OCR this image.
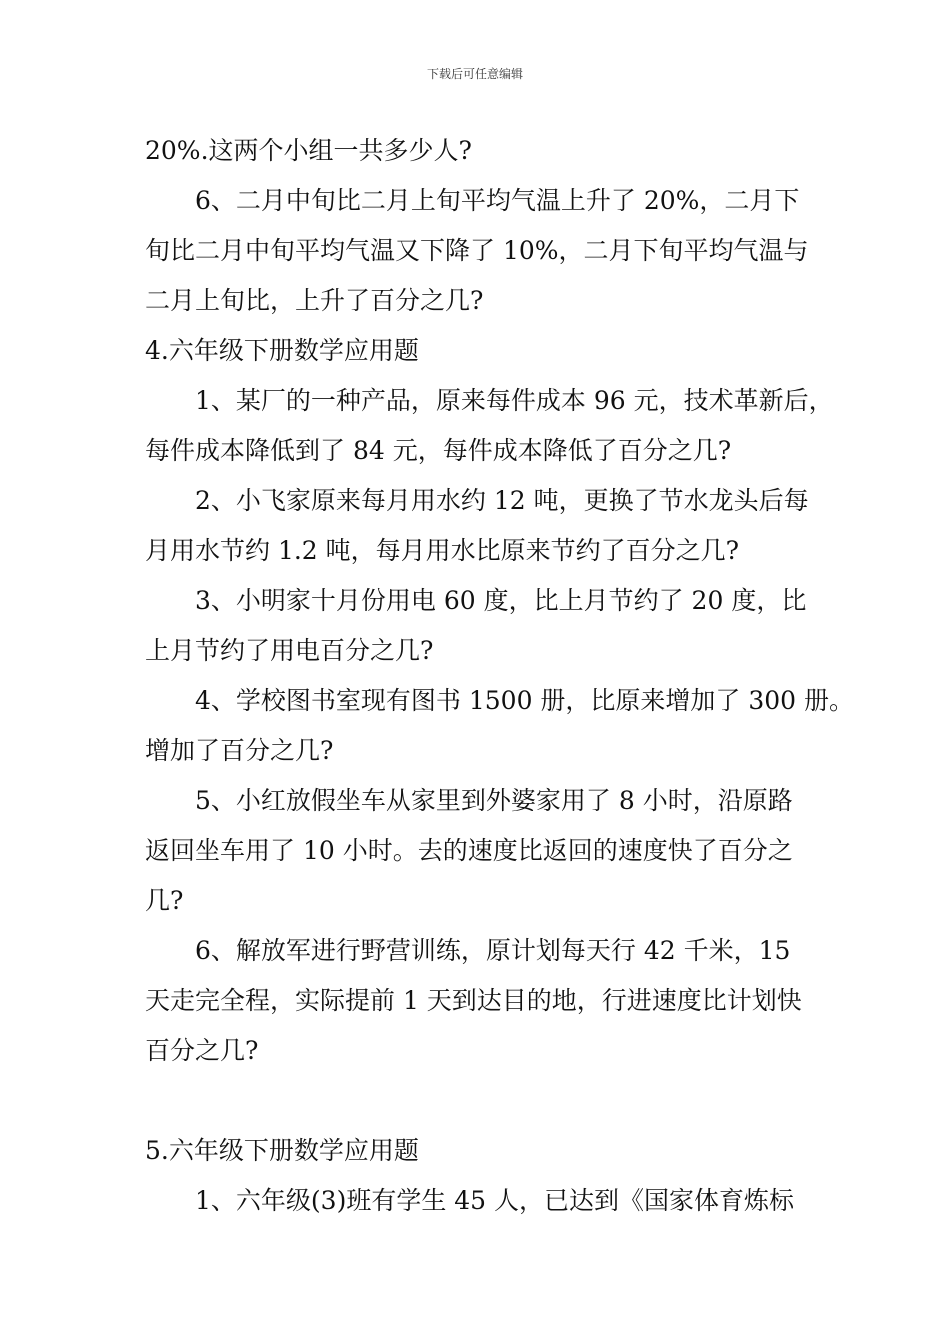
下载后可任意编辑
20%.这两个小组一共多少人?
6、二月中旬比二月上旬平均气温上升了 20%，二月下
旬比二月中旬平均气温又下降了 10%，二月下旬平均气温与
二月上旬比，上升了百分之几?
4.六年级下册数学应用题
1、某厂的一种产品，原来每件成本 96 元，技术革新后，
每件成本降低到了 84 元，每件成本降低了百分之几?
2、小飞家原来每月用水约 12 吨，更换了节水龙头后每
月用水节约 1.2 吨，每月用水比原来节约了百分之几?
3、小明家十月份用电 60 度，比上月节约了 20 度，比
上月节约了用电百分之几?
4、学校图书室现有图书 1500 册，比原来增加了 300 册。
增加了百分之几?
5、小红放假坐车从家里到外婆家用了 8 小时，沿原路
返回坐车用了 10 小时。去的速度比返回的速度快了百分之
几?
6、解放军进行野营训练，原计划每天行 42 千米，15
天走完全程，实际提前 1 天到达目的地，行进速度比计划快
百分之几?
5.六年级下册数学应用题
1、六年级(3)班有学生 45 人，已达到《国家体育炼标
